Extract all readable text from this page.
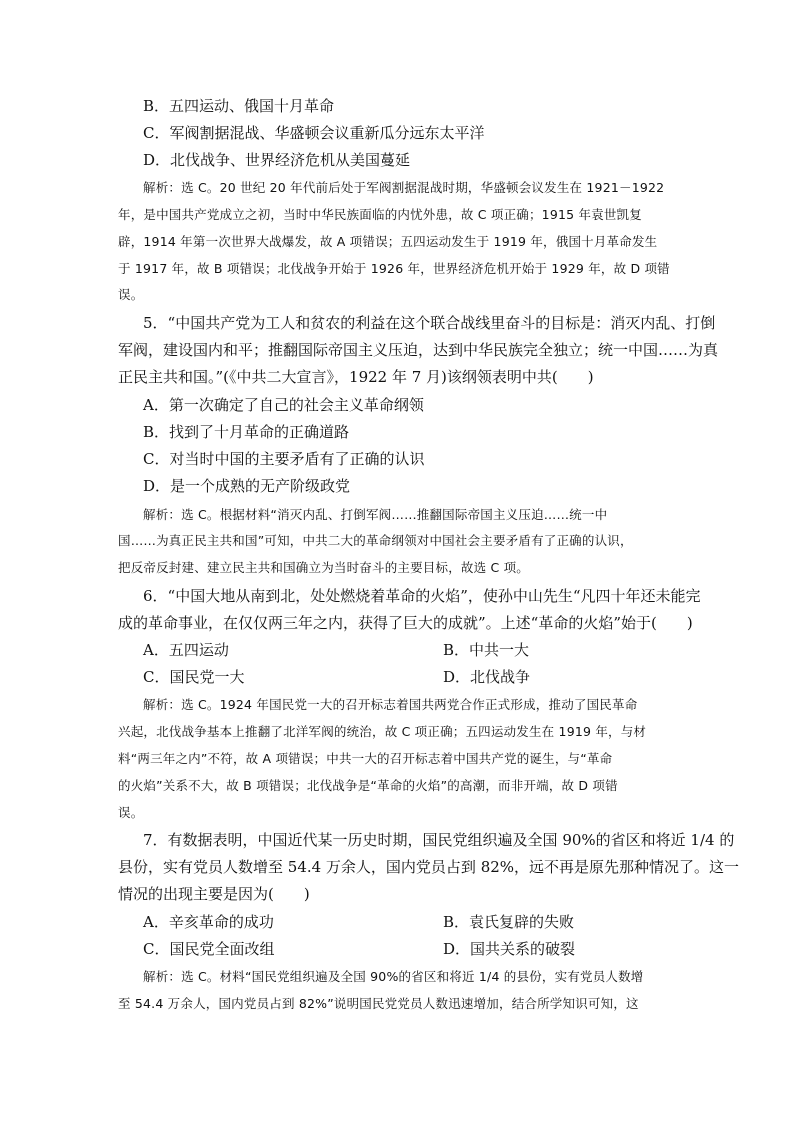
B．五四运动、俄国十月革命
C．军阀割据混战、华盛顿会议重新瓜分远东太平洋
D．北伐战争、世界经济危机从美国蔓延
解析：选 C。20 世纪 20 年代前后处于军阀割据混战时期，华盛顿会议发生在 1921－1922
年，是中国共产党成立之初，当时中华民族面临的内忧外患，故 C 项正确；1915 年袁世凯复
辟，1914 年第一次世界大战爆发，故 A 项错误；五四运动发生于 1919 年，俄国十月革命发生
于 1917 年，故 B 项错误；北伐战争开始于 1926 年，世界经济危机开始于 1929 年，故 D 项错
误。
5．“中国共产党为工人和贫农的利益在这个联合战线里奋斗的目标是：消灭内乱、打倒
军阀，建设国内和平；推翻国际帝国主义压迫，达到中华民族完全独立；统一中国……为真
正民主共和国。”(《中共二大宣言》，1922 年 7 月)该纲领表明中共(　　)
A．第一次确定了自己的社会主义革命纲领
B．找到了十月革命的正确道路
C．对当时中国的主要矛盾有了正确的认识
D．是一个成熟的无产阶级政党
解析：选 C。根据材料“消灭内乱、打倒军阀……推翻国际帝国主义压迫……统一中
国……为真正民主共和国”可知，中共二大的革命纲领对中国社会主要矛盾有了正确的认识，
把反帝反封建、建立民主共和国确立为当时奋斗的主要目标，故选 C 项。
6．“中国大地从南到北，处处燃烧着革命的火焰”，使孙中山先生“凡四十年还未能完
成的革命事业，在仅仅两三年之内，获得了巨大的成就”。上述“革命的火焰”始于(　　)
A．五四运动	B．中共一大
C．国民党一大	D．北伐战争
解析：选 C。1924 年国民党一大的召开标志着国共两党合作正式形成，推动了国民革命
兴起，北伐战争基本上推翻了北洋军阀的统治，故 C 项正确；五四运动发生在 1919 年，与材
料“两三年之内”不符，故 A 项错误；中共一大的召开标志着中国共产党的诞生，与“革命
的火焰”关系不大，故 B 项错误；北伐战争是“革命的火焰”的高潮，而非开端，故 D 项错
误。
7．有数据表明，中国近代某一历史时期，国民党组织遍及全国 90%的省区和将近 1/4 的
县份，实有党员人数增至 54.4 万余人，国内党员占到 82%，远不再是原先那种情况了。这一
情况的出现主要是因为(　　)
A．辛亥革命的成功	B．袁氏复辟的失败
C．国民党全面改组	D．国共关系的破裂
解析：选 C。材料“国民党组织遍及全国 90%的省区和将近 1/4 的县份，实有党员人数增
至 54.4 万余人，国内党员占到 82%”说明国民党党员人数迅速增加，结合所学知识可知，这
